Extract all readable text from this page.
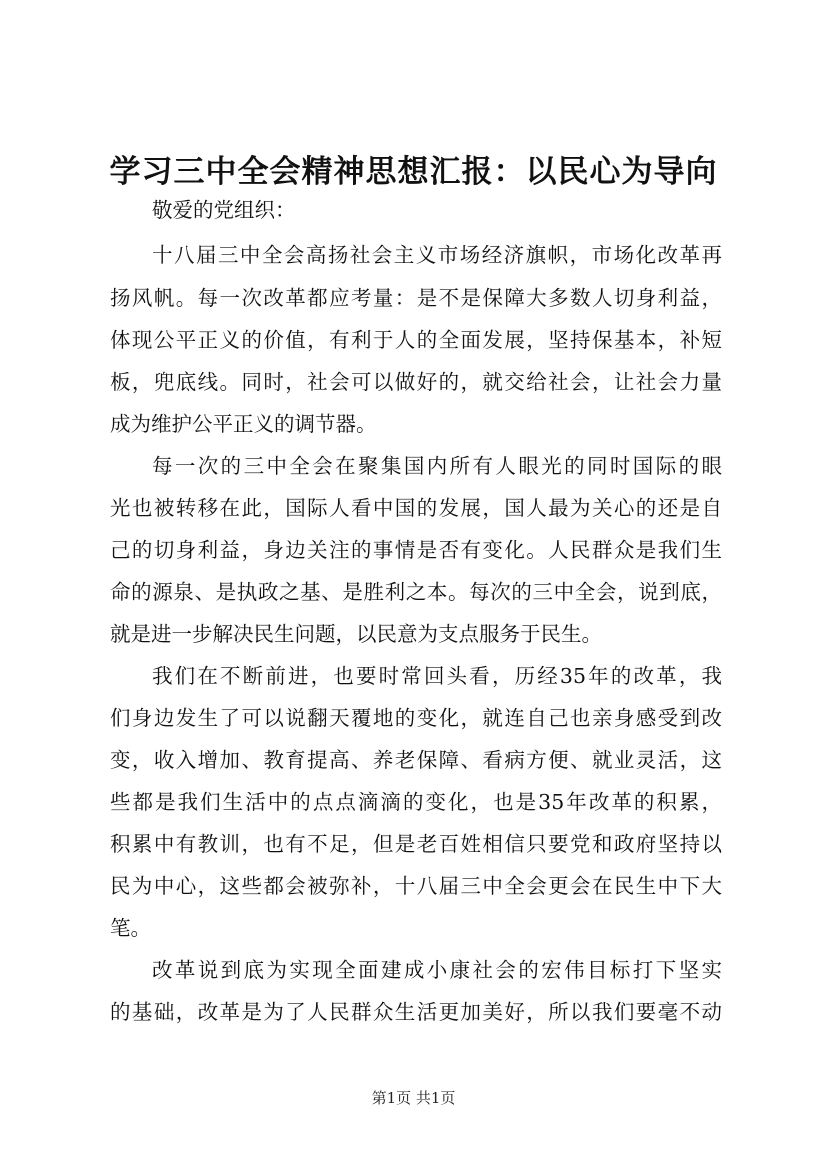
学习三中全会精神思想汇报：以民心为导向
敬爱的党组织：
十八届三中全会高扬社会主义市场经济旗帜，市场化改革再
扬风帆。每一次改革都应考量：是不是保障大多数人切身利益，
体现公平正义的价值，有利于人的全面发展，坚持保基本，补短
板，兜底线。同时，社会可以做好的，就交给社会，让社会力量
成为维护公平正义的调节器。
每一次的三中全会在聚集国内所有人眼光的同时国际的眼
光也被转移在此，国际人看中国的发展，国人最为关心的还是自
己的切身利益，身边关注的事情是否有变化。人民群众是我们生
命的源泉、是执政之基、是胜利之本。每次的三中全会，说到底，
就是进一步解决民生问题，以民意为支点服务于民生。
我们在不断前进，也要时常回头看，历经35年的改革，我
们身边发生了可以说翻天覆地的变化，就连自己也亲身感受到改
变，收入增加、教育提高、养老保障、看病方便、就业灵活，这
些都是我们生活中的点点滴滴的变化，也是35年改革的积累，
积累中有教训，也有不足，但是老百姓相信只要党和政府坚持以
民为中心，这些都会被弥补，十八届三中全会更会在民生中下大
笔。
改革说到底为实现全面建成小康社会的宏伟目标打下坚实
的基础，改革是为了人民群众生活更加美好，所以我们要毫不动
第1页 共1页
